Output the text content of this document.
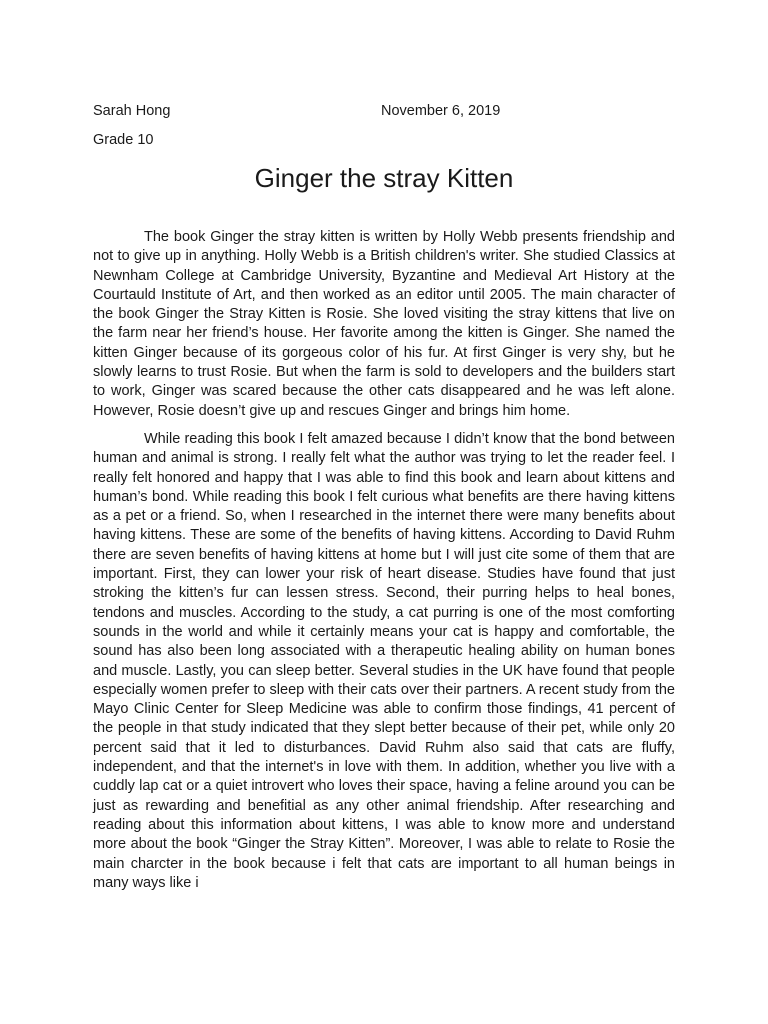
Sarah Hong	November 6, 2019
Grade 10
Ginger the stray Kitten

The book Ginger the stray kitten is written by Holly Webb presents friendship and not to give up in anything. Holly Webb is a British children's writer. She studied Classics at Newnham College at Cambridge University, Byzantine and Medieval Art History at the Courtauld Institute of Art, and then worked as an editor until 2005. The main character of the book Ginger the Stray Kitten is Rosie. She loved visiting the stray kittens that live on the farm near her friend’s house. Her favorite among the kitten is Ginger. She named the kitten Ginger because of its gorgeous color of his fur. At first Ginger is very shy, but he slowly learns to trust Rosie. But when the farm is sold to developers and the builders start to work, Ginger was scared because the other cats disappeared and he was left alone. However, Rosie doesn’t give up and rescues Ginger and brings him home.

While reading this book I felt amazed because I didn’t know that the bond between human and animal is strong. I really felt what the author was trying to let the reader feel. I really felt honored and happy that I was able to find this book and learn about kittens and human’s bond. While reading this book I felt curious what benefits are there having kittens as a pet or a friend. So, when I researched in the internet there were many benefits about having kittens. These are some of the benefits of having kittens. According to David Ruhm there are seven benefits of having kittens at home but I will just cite some of them that are important. First, they can lower your risk of heart disease. Studies have found that just stroking the kitten’s fur can lessen stress. Second, their purring helps to heal bones, tendons and muscles. According to the study, a cat purring is one of the most comforting sounds in the world and while it certainly means your cat is happy and comfortable, the sound has also been long associated with a therapeutic healing ability on human bones and muscle. Lastly, you can sleep better. Several studies in the UK have found that people especially women prefer to sleep with their cats over their partners. A recent study from the Mayo Clinic Center for Sleep Medicine was able to confirm those findings, 41 percent of the people in that study indicated that they slept better because of their pet, while only 20 percent said that it led to disturbances. David Ruhm also said that cats are fluffy, independent, and that the internet's in love with them. In addition, whether you live with a cuddly lap cat or a quiet introvert who loves their space, having a feline around you can be just as rewarding and benefitial as any other animal friendship. After researching and reading about this information about kittens, I was able to know more and understand more about the book “Ginger the Stray Kitten”. Moreover, I was able to relate to Rosie the main charcter in the book because i felt that cats are important to all human beings in many ways like i
